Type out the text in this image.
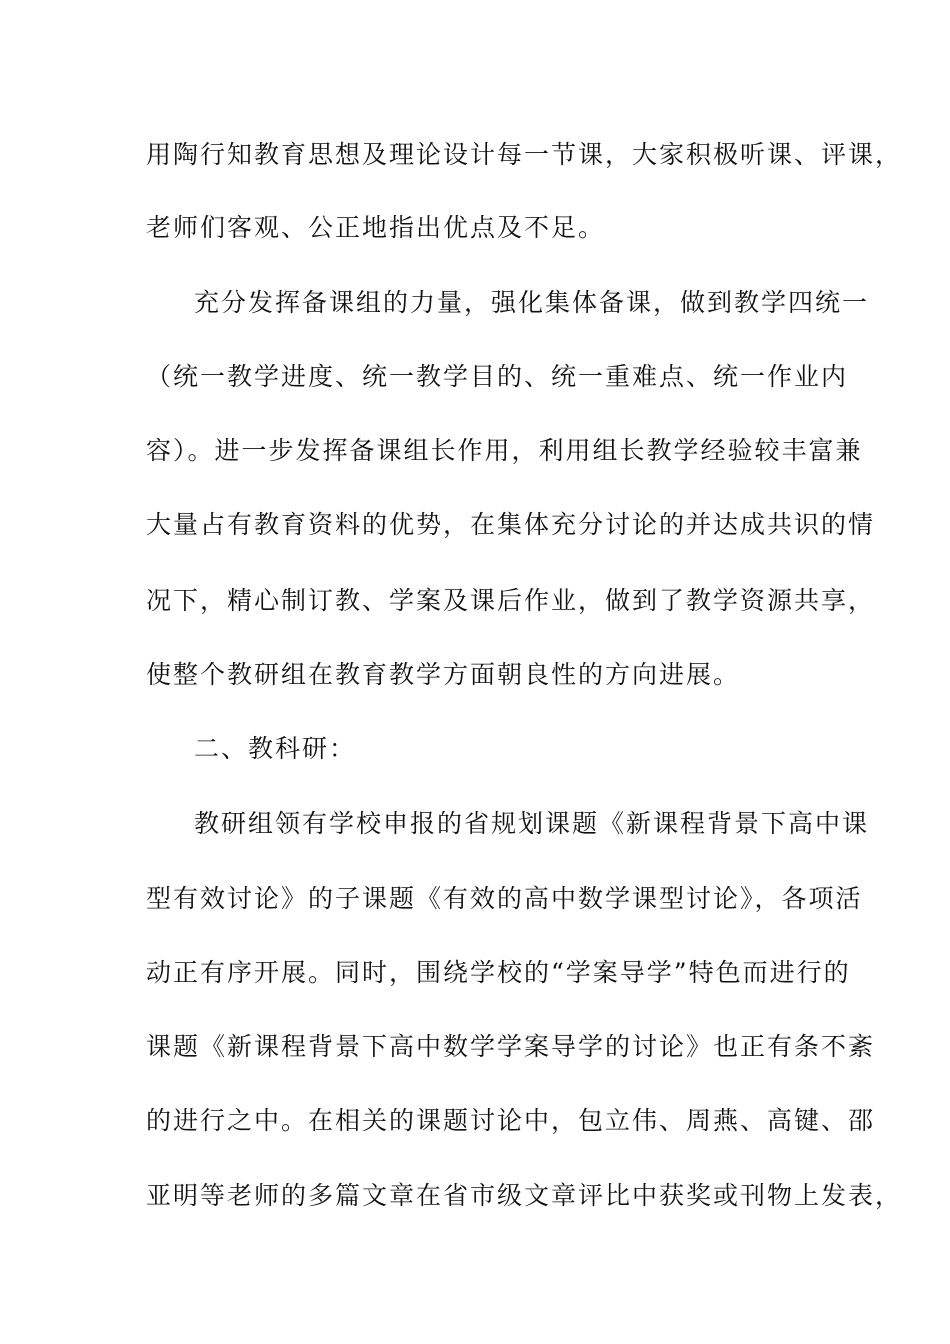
用陶行知教育思想及理论设计每一节课，大家积极听课、评课，
老师们客观、公正地指出优点及不足。
充分发挥备课组的力量，强化集体备课，做到教学四统一
（统一教学进度、统一教学目的、统一重难点、统一作业内
容）。进一步发挥备课组长作用，利用组长教学经验较丰富兼
大量占有教育资料的优势，在集体充分讨论的并达成共识的情
况下，精心制订教、学案及课后作业，做到了教学资源共享，
使整个教研组在教育教学方面朝良性的方向进展。
二、教科研：
教研组领有学校申报的省规划课题《新课程背景下高中课
型有效讨论》的子课题《有效的高中数学课型讨论》，各项活
动正有序开展。同时，围绕学校的“学案导学”特色而进行的
课题《新课程背景下高中数学学案导学的讨论》也正有条不紊
的进行之中。在相关的课题讨论中，包立伟、周燕、高键、邵
亚明等老师的多篇文章在省市级文章评比中获奖或刊物上发表，
